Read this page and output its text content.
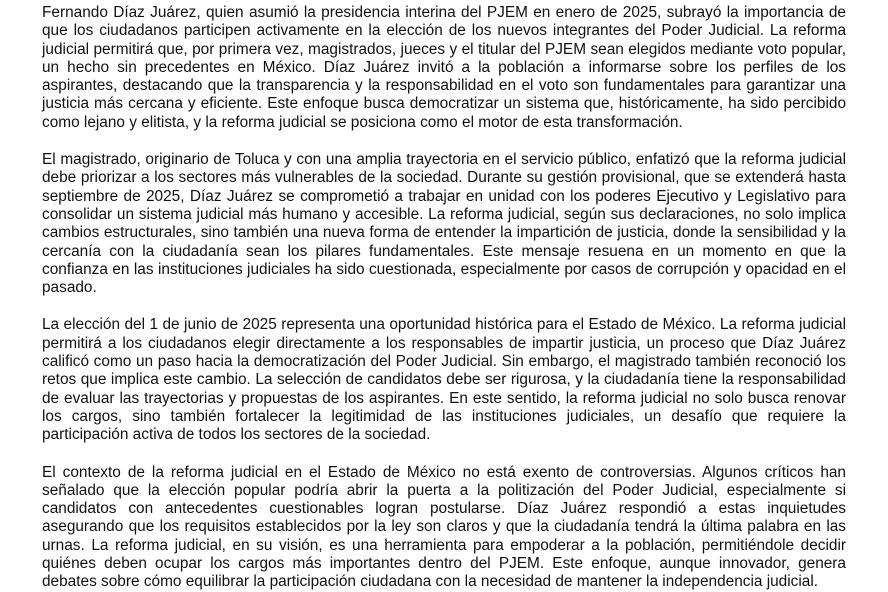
Fernando Díaz Juárez, quien asumió la presidencia interina del PJEM en enero de 2025, subrayó la importancia de que los ciudadanos participen activamente en la elección de los nuevos integrantes del Poder Judicial. La reforma judicial permitirá que, por primera vez, magistrados, jueces y el titular del PJEM sean elegidos mediante voto popular, un hecho sin precedentes en México. Díaz Juárez invitó a la población a informarse sobre los perfiles de los aspirantes, destacando que la transparencia y la responsabilidad en el voto son fundamentales para garantizar una justicia más cercana y eficiente. Este enfoque busca democratizar un sistema que, históricamente, ha sido percibido como lejano y elitista, y la reforma judicial se posiciona como el motor de esta transformación.

El magistrado, originario de Toluca y con una amplia trayectoria en el servicio público, enfatizó que la reforma judicial debe priorizar a los sectores más vulnerables de la sociedad. Durante su gestión provisional, que se extenderá hasta septiembre de 2025, Díaz Juárez se comprometió a trabajar en unidad con los poderes Ejecutivo y Legislativo para consolidar un sistema judicial más humano y accesible. La reforma judicial, según sus declaraciones, no solo implica cambios estructurales, sino también una nueva forma de entender la impartición de justicia, donde la sensibilidad y la cercanía con la ciudadanía sean los pilares fundamentales. Este mensaje resuena en un momento en que la confianza en las instituciones judiciales ha sido cuestionada, especialmente por casos de corrupción y opacidad en el pasado.

La elección del 1 de junio de 2025 representa una oportunidad histórica para el Estado de México. La reforma judicial permitirá a los ciudadanos elegir directamente a los responsables de impartir justicia, un proceso que Díaz Juárez calificó como un paso hacia la democratización del Poder Judicial. Sin embargo, el magistrado también reconoció los retos que implica este cambio. La selección de candidatos debe ser rigurosa, y la ciudadanía tiene la responsabilidad de evaluar las trayectorias y propuestas de los aspirantes. En este sentido, la reforma judicial no solo busca renovar los cargos, sino también fortalecer la legitimidad de las instituciones judiciales, un desafío que requiere la participación activa de todos los sectores de la sociedad.

El contexto de la reforma judicial en el Estado de México no está exento de controversias. Algunos críticos han señalado que la elección popular podría abrir la puerta a la politización del Poder Judicial, especialmente si candidatos con antecedentes cuestionables logran postularse. Díaz Juárez respondió a estas inquietudes asegurando que los requisitos establecidos por la ley son claros y que la ciudadanía tendrá la última palabra en las urnas. La reforma judicial, en su visión, es una herramienta para empoderar a la población, permitiéndole decidir quiénes deben ocupar los cargos más importantes dentro del PJEM. Este enfoque, aunque innovador, genera debates sobre cómo equilibrar la participación ciudadana con la necesidad de mantener la independencia judicial.
